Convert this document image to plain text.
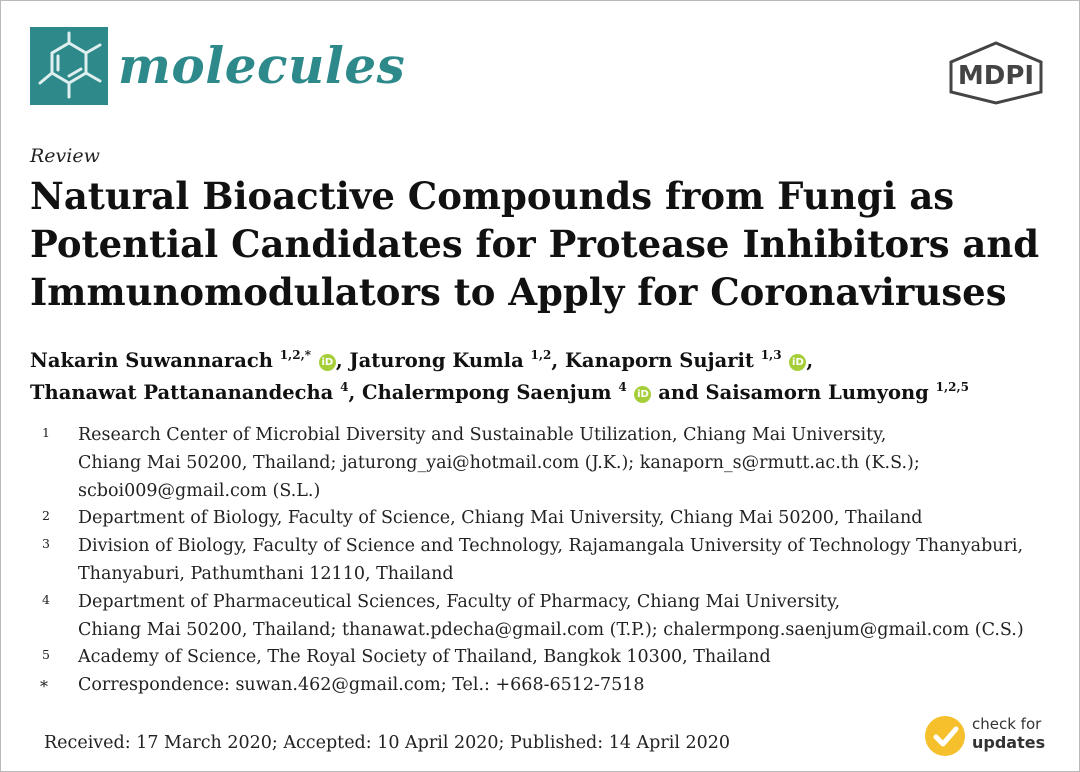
molecules	MDPI
Review
Natural Bioactive Compounds from Fungi as
Potential Candidates for Protease Inhibitors and
Immunomodulators to Apply for Coronaviruses
Nakarin Suwannarach $^{1,2,*}$ iD , Jaturong Kumla $^{1,2}$, Kanaporn Sujarit $^{1,3}$ iD ,
Thanawat Pattananandecha $^4$, Chalermpong Saenjum $^4$ iD and Saisamorn Lumyong $^{1,2,5}$
1 Research Center of Microbial Diversity and Sustainable Utilization, Chiang Mai University,
Chiang Mai 50200, Thailand; jaturong_yai@hotmail.com (J.K.); kanaporn_s@rmutt.ac.th (K.S.);
scboi009@gmail.com (S.L.)
2 Department of Biology, Faculty of Science, Chiang Mai University, Chiang Mai 50200, Thailand
3 Division of Biology, Faculty of Science and Technology, Rajamangala University of Technology Thanyaburi,
Thanyaburi, Pathumthani 12110, Thailand
4 Department of Pharmaceutical Sciences, Faculty of Pharmacy, Chiang Mai University,
Chiang Mai 50200, Thailand; thanawat.pdecha@gmail.com (T.P.); chalermpong.saenjum@gmail.com (C.S.)
5 Academy of Science, The Royal Society of Thailand, Bangkok 10300, Thailand
* Correspondence: suwan.462@gmail.com; Tel.: +668-6512-7518
Received: 17 March 2020; Accepted: 10 April 2020; Published: 14 April 2020
check for
updates
